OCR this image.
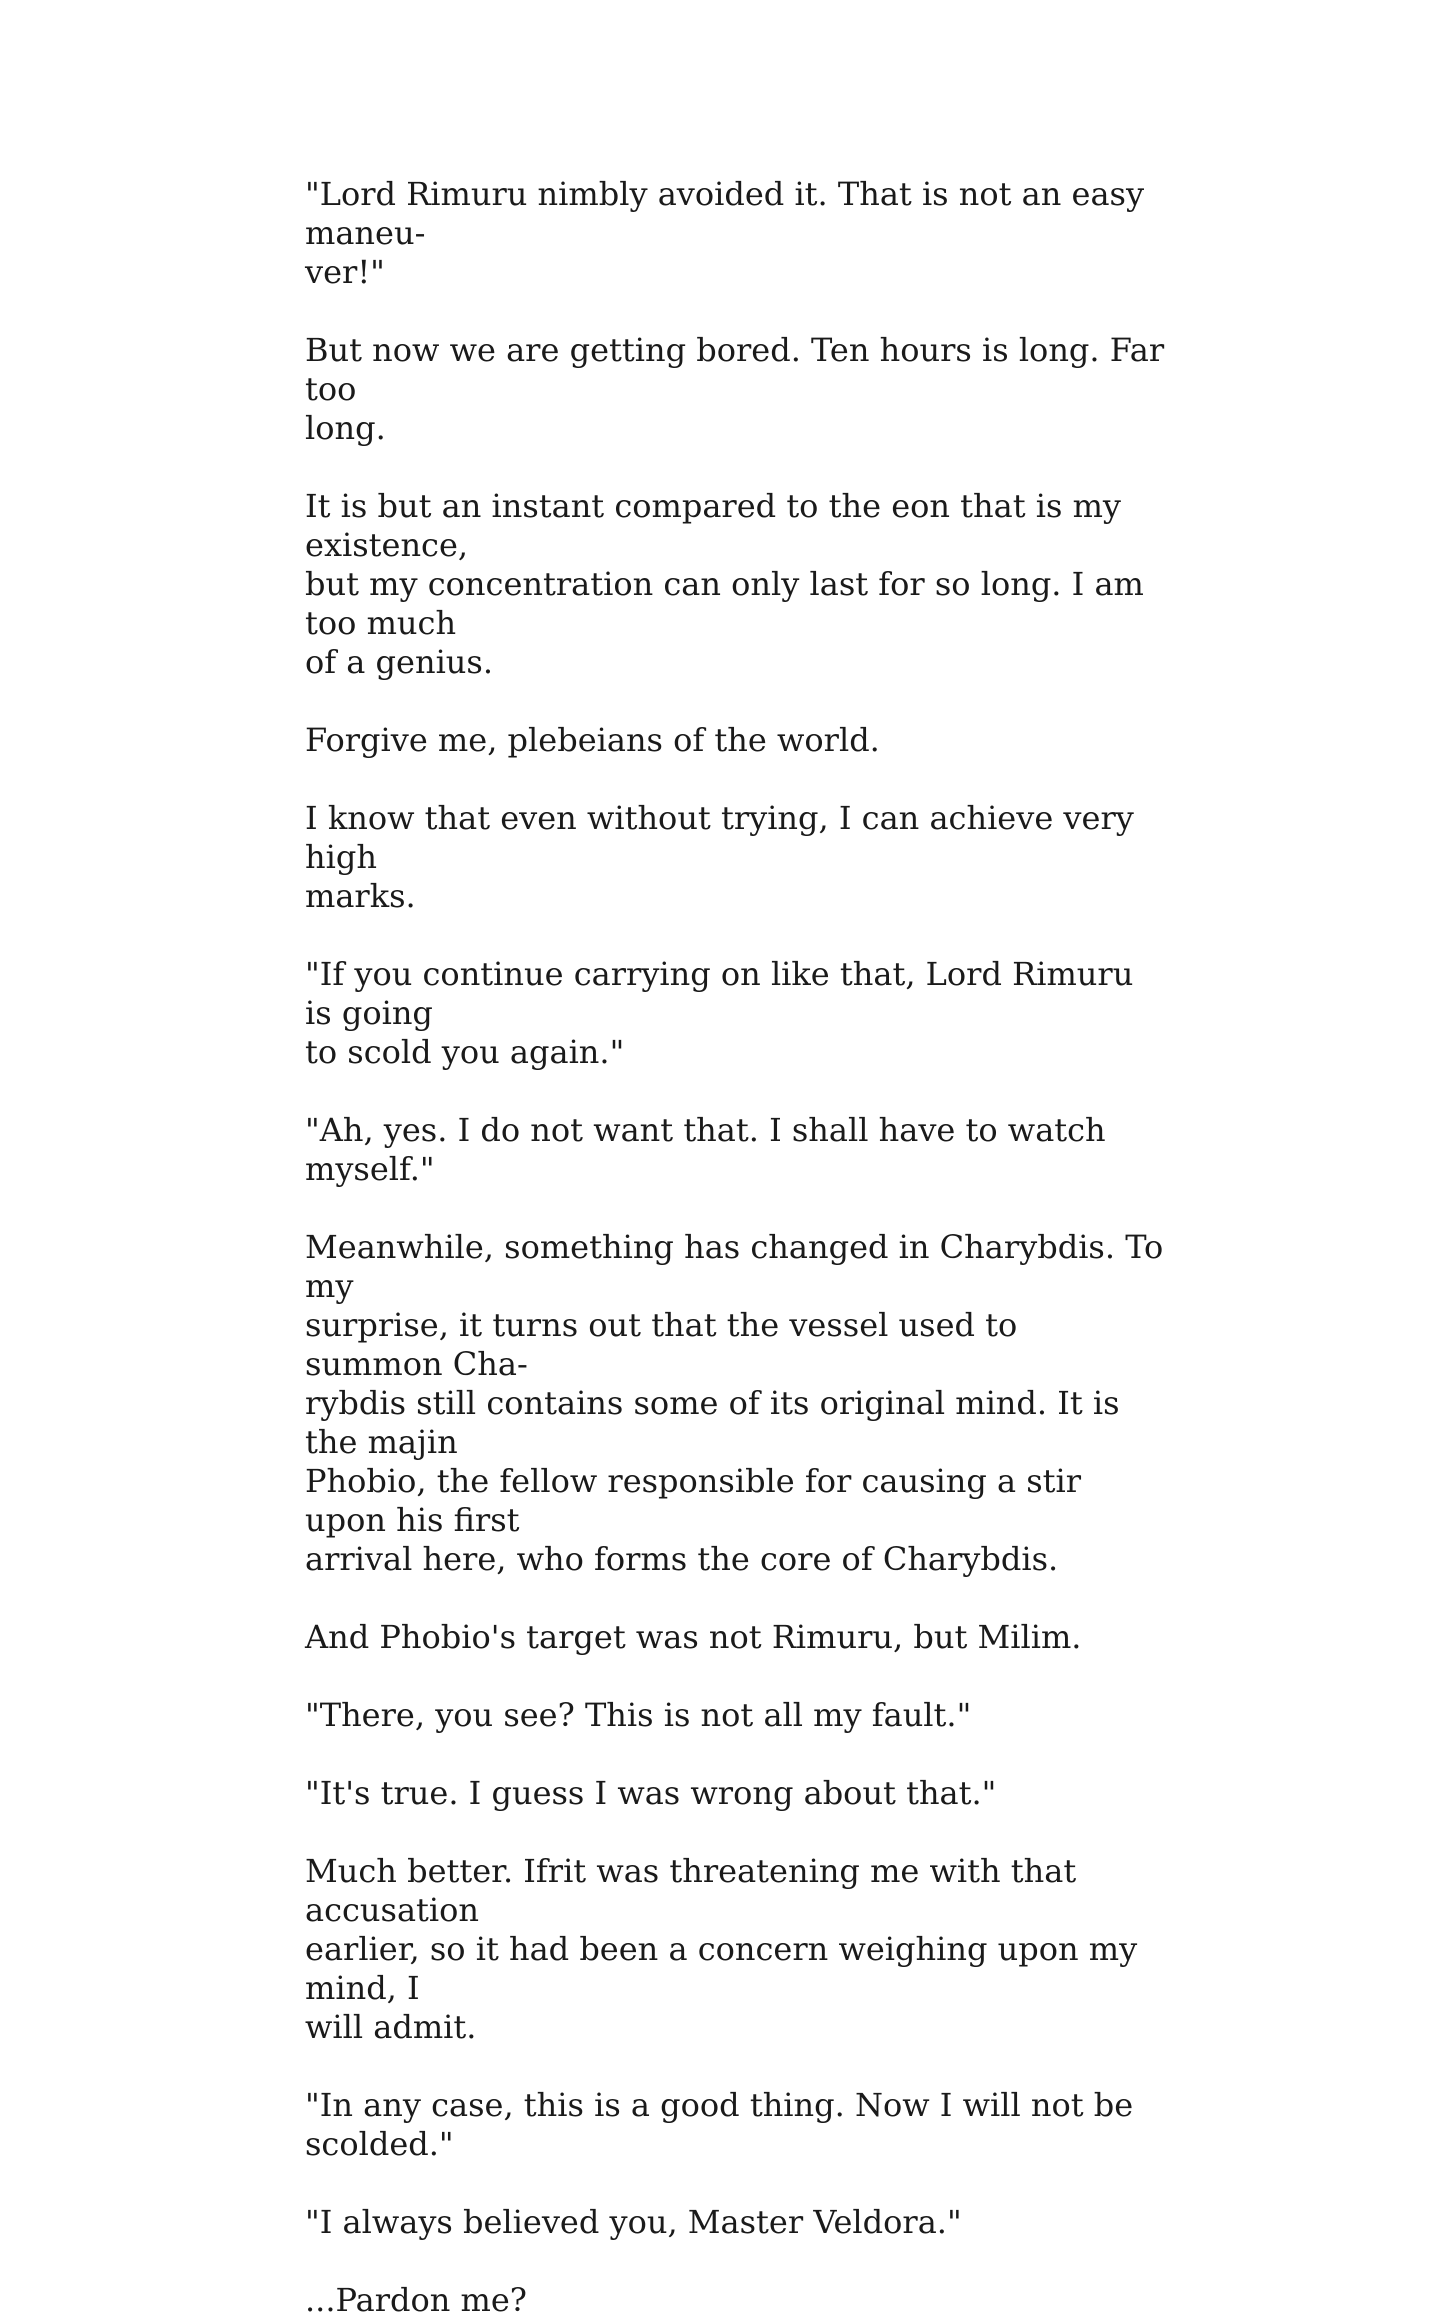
"Lord Rimuru nimbly avoided it. That is not an easy maneu-
ver!"

But now we are getting bored. Ten hours is long. Far too
long.

It is but an instant compared to the eon that is my existence,
but my concentration can only last for so long. I am too much
of a genius.

Forgive me, plebeians of the world.

I know that even without trying, I can achieve very high
marks.

"If you continue carrying on like that, Lord Rimuru is going
to scold you again."

"Ah, yes. I do not want that. I shall have to watch myself."

Meanwhile, something has changed in Charybdis. To my
surprise, it turns out that the vessel used to summon Cha-
rybdis still contains some of its original mind. It is the majin
Phobio, the fellow responsible for causing a stir upon his first
arrival here, who forms the core of Charybdis.

And Phobio's target was not Rimuru, but Milim.

"There, you see? This is not all my fault."

"It's true. I guess I was wrong about that."

Much better. Ifrit was threatening me with that accusation
earlier, so it had been a concern weighing upon my mind, I
will admit.

"In any case, this is a good thing. Now I will not be scolded."

"I always believed you, Master Veldora."

...Pardon me?
